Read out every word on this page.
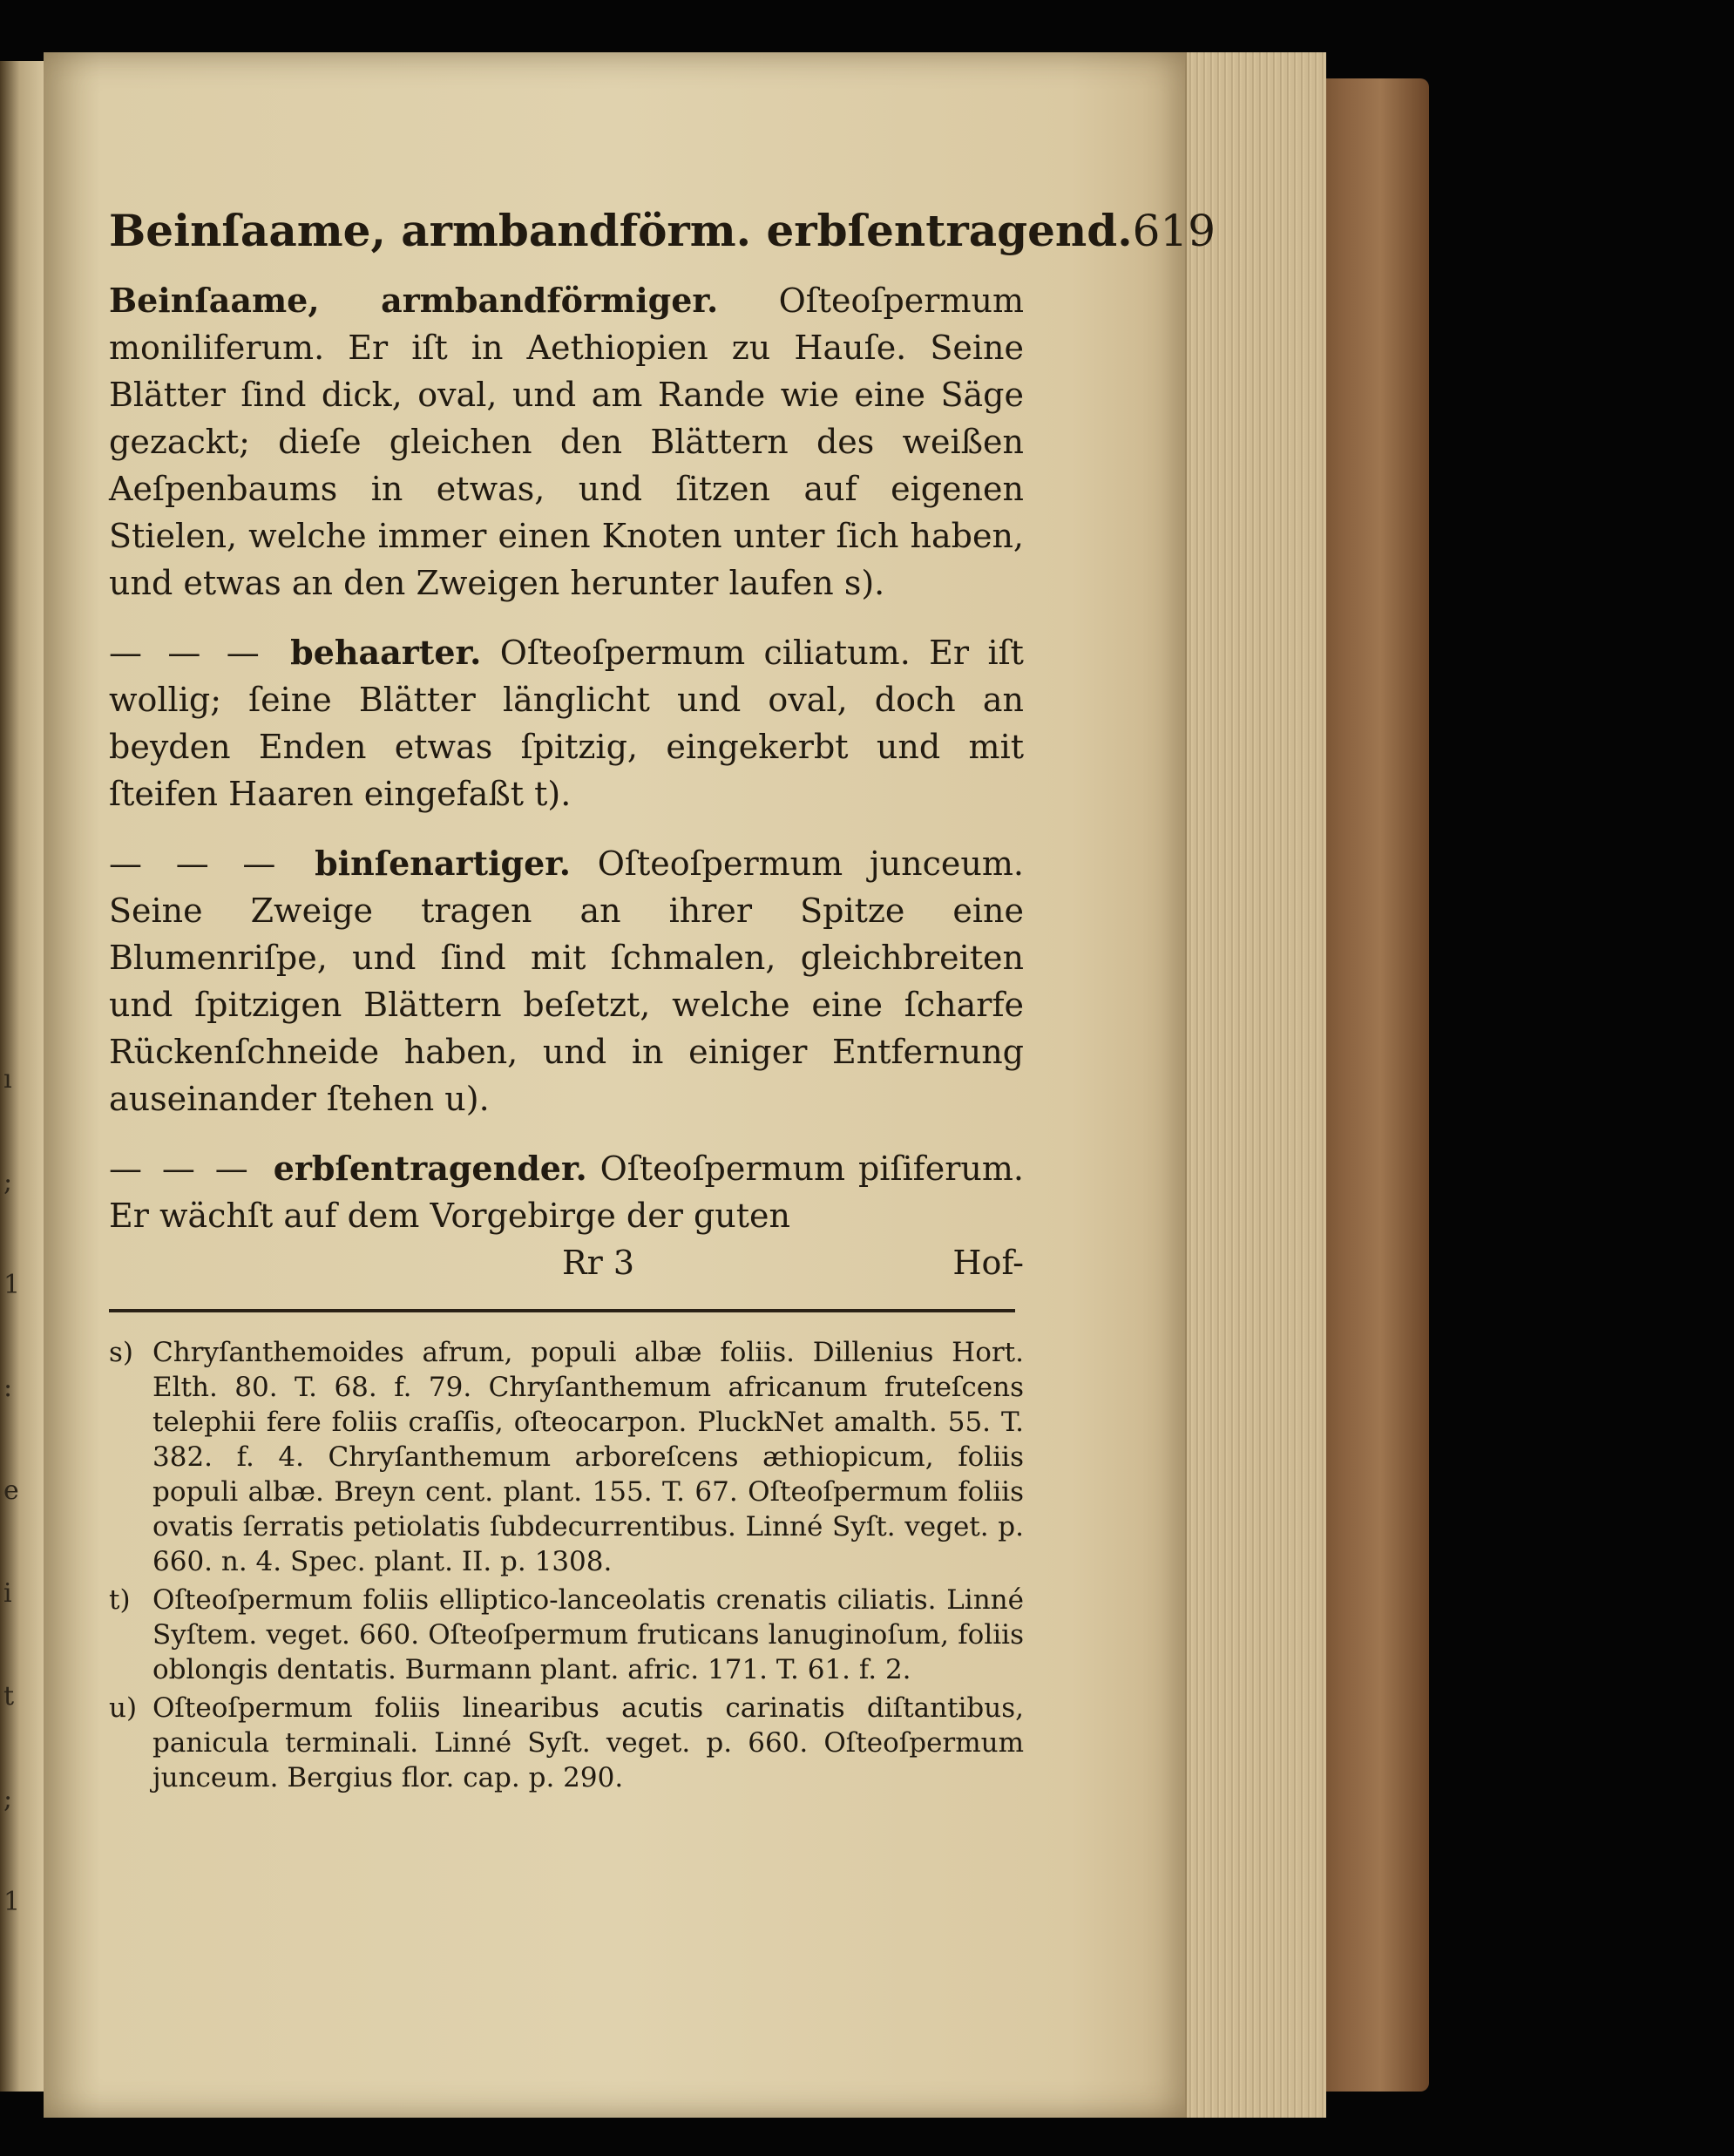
ı
;
1
:
e
i
t
;
1
Beinſaame, armbandförm. erbſentragend. 619

Beinſaame, armbandförmiger. Oſteoſpermum moniliferum. Er iſt in Aethiopien zu Hauſe. Seine Blätter ſind dick, oval, und am Rande wie eine Säge gezackt; dieſe gleichen den Blättern des weißen Aeſpenbaums in etwas, und ſitzen auf eigenen Stielen, welche immer einen Knoten unter ſich haben, und etwas an den Zweigen herunter laufen s).

— — — behaarter. Oſteoſpermum ciliatum. Er iſt wollig; ſeine Blätter länglicht und oval, doch an beyden Enden etwas ſpitzig, eingekerbt und mit ſteifen Haaren eingefaßt t).

— — — binſenartiger. Oſteoſpermum junceum. Seine Zweige tragen an ihrer Spitze eine Blumenriſpe, und ſind mit ſchmalen, gleichbreiten und ſpitzigen Blättern beſetzt, welche eine ſcharfe Rückenſchneide haben, und in einiger Entfernung auseinander ſtehen u).

— — — erbſentragender. Oſteoſpermum piſiferum. Er wächſt auf dem Vorgebirge der guten

Rr 3	Hof-

s) Chryſanthemoides afrum, populi albæ foliis. Dillenius Hort. Elth. 80. T. 68. f. 79. Chryſanthemum africanum fruteſcens telephii fere foliis craſſis, oſteocarpon. PluckNet amalth. 55. T. 382. f. 4. Chryſanthemum arboreſcens æthiopicum, foliis populi albæ. Breyn cent. plant. 155. T. 67. Oſteoſpermum foliis ovatis ſerratis petiolatis ſubdecurrentibus. Linné Syſt. veget. p. 660. n. 4. Spec. plant. II. p. 1308.

t) Oſteoſpermum foliis elliptico-lanceolatis crenatis ciliatis. Linné Syſtem. veget. 660. Oſteoſpermum fruticans lanuginoſum, foliis oblongis dentatis. Burmann plant. afric. 171. T. 61. f. 2.

u) Oſteoſpermum foliis linearibus acutis carinatis diſtantibus, panicula terminali. Linné Syſt. veget. p. 660. Oſteoſpermum junceum. Bergius flor. cap. p. 290.
